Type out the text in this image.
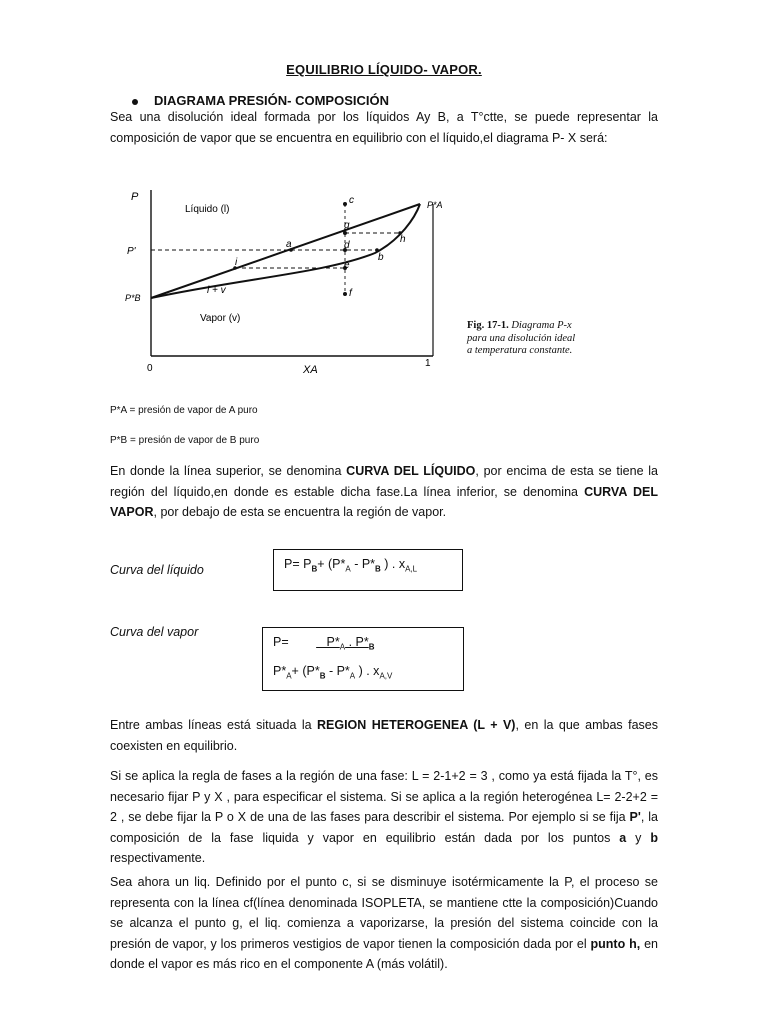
EQUILIBRIO LÍQUIDO- VAPOR.
DIAGRAMA PRESIÓN- COMPOSICIÓN
Sea una disolución ideal formada por los líquidos Ay B, a T°ctte, se puede representar la composición de vapor que se encuentra en equilibrio con el líquido,el diagrama P- X será:
P
P'
P*B
P*A
Líquido (l)
l + v
Vapor (v)
0	1
XA
c
g
d
a	h
b
i	e
f
Fig. 17-1. Diagrama P-x para una disolución ideal a temperatura constante.
P*A = presión de vapor de A puro
P*B = presión de vapor de B puro
En donde la línea superior, se denomina CURVA DEL LÍQUIDO, por encima de esta se tiene la región del líquido,en donde es estable dicha fase.La línea inferior, se denomina CURVA DEL VAPOR, por debajo de esta se encuentra la región de vapor.
Curva del líquido
Curva del vapor
$P= P_B+ (P*_A - P*_B$ ) . $x_{A,L}$
P=    $P*_A$ . $P*_B$
$P*_A+ (P*_B - P*_A$ ) . $x_{A,V}$
Entre ambas líneas está situada la REGION HETEROGENEA (L + V), en la que ambas fases coexisten en equilibrio.
Si se aplica la regla de fases a la región de una fase: L = 2-1+2 = 3 , como ya está fijada la T°, es necesario fijar P y X , para especificar el sistema. Si se aplica a la región heterogénea L= 2-2+2 = 2 , se debe fijar la P o X de una de las fases para describir el sistema. Por ejemplo si se fija P', la composición de la fase liquida y vapor en equilibrio están dada por los puntos a y b respectivamente.
Sea ahora un liq. Definido por el punto c, si se disminuye isotérmicamente la P, el proceso se representa con la línea cf(línea denominada ISOPLETA, se mantiene ctte la composición)Cuando se alcanza el punto g, el liq. comienza a vaporizarse, la presión del sistema coincide con la presión de vapor, y los primeros vestigios de vapor tienen la composición dada por el punto h, en donde el vapor es más rico en el componente A (más volátil).
